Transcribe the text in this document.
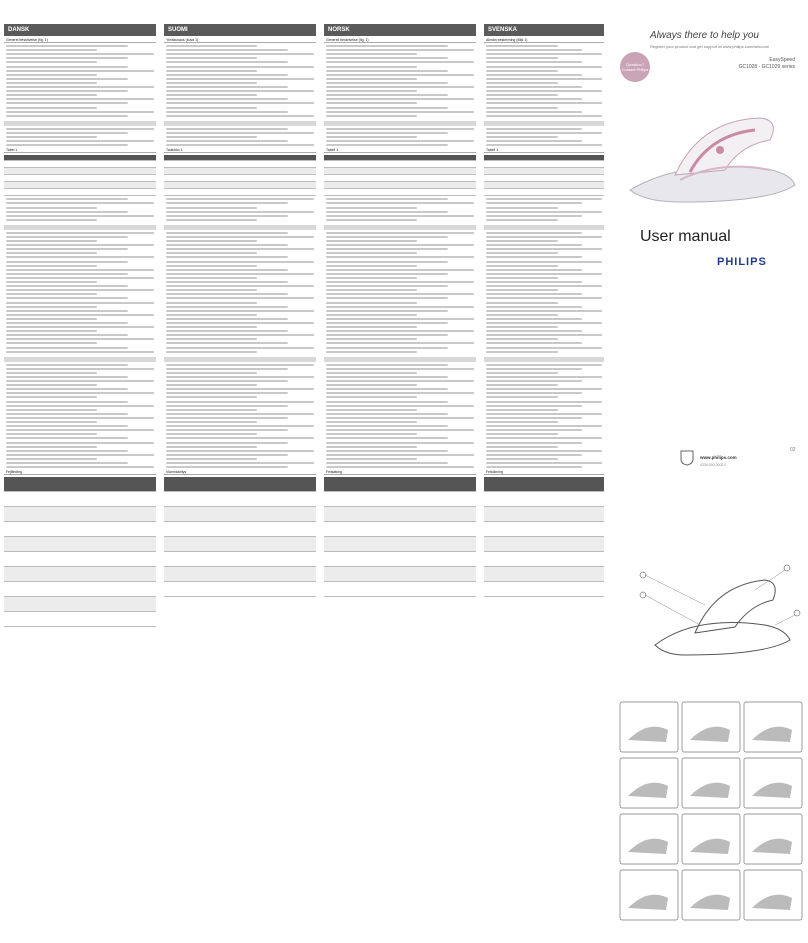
DANSK
Generel beskrivelse (fig. 1)
Tabel 1

Fejlfinding

SUOMI
Yleiskuvaus (kuva 1)
Taulukko 1

Vianmääritys

NORSK
Generell beskrivelse (fig. 1)
Tabell 1

Feilsøking

SVENSKA
Allmän beskrivning (Bild 1)
Tabell 1

Felsökning

Always there to help you
Register your product and get support at www.philips.com/welcome
Question? Contact Philips
EasySpeed
GC1028 - GC1029 series
User manual
PHILIPS
www.philips.com
4239.000.0000.0
02
